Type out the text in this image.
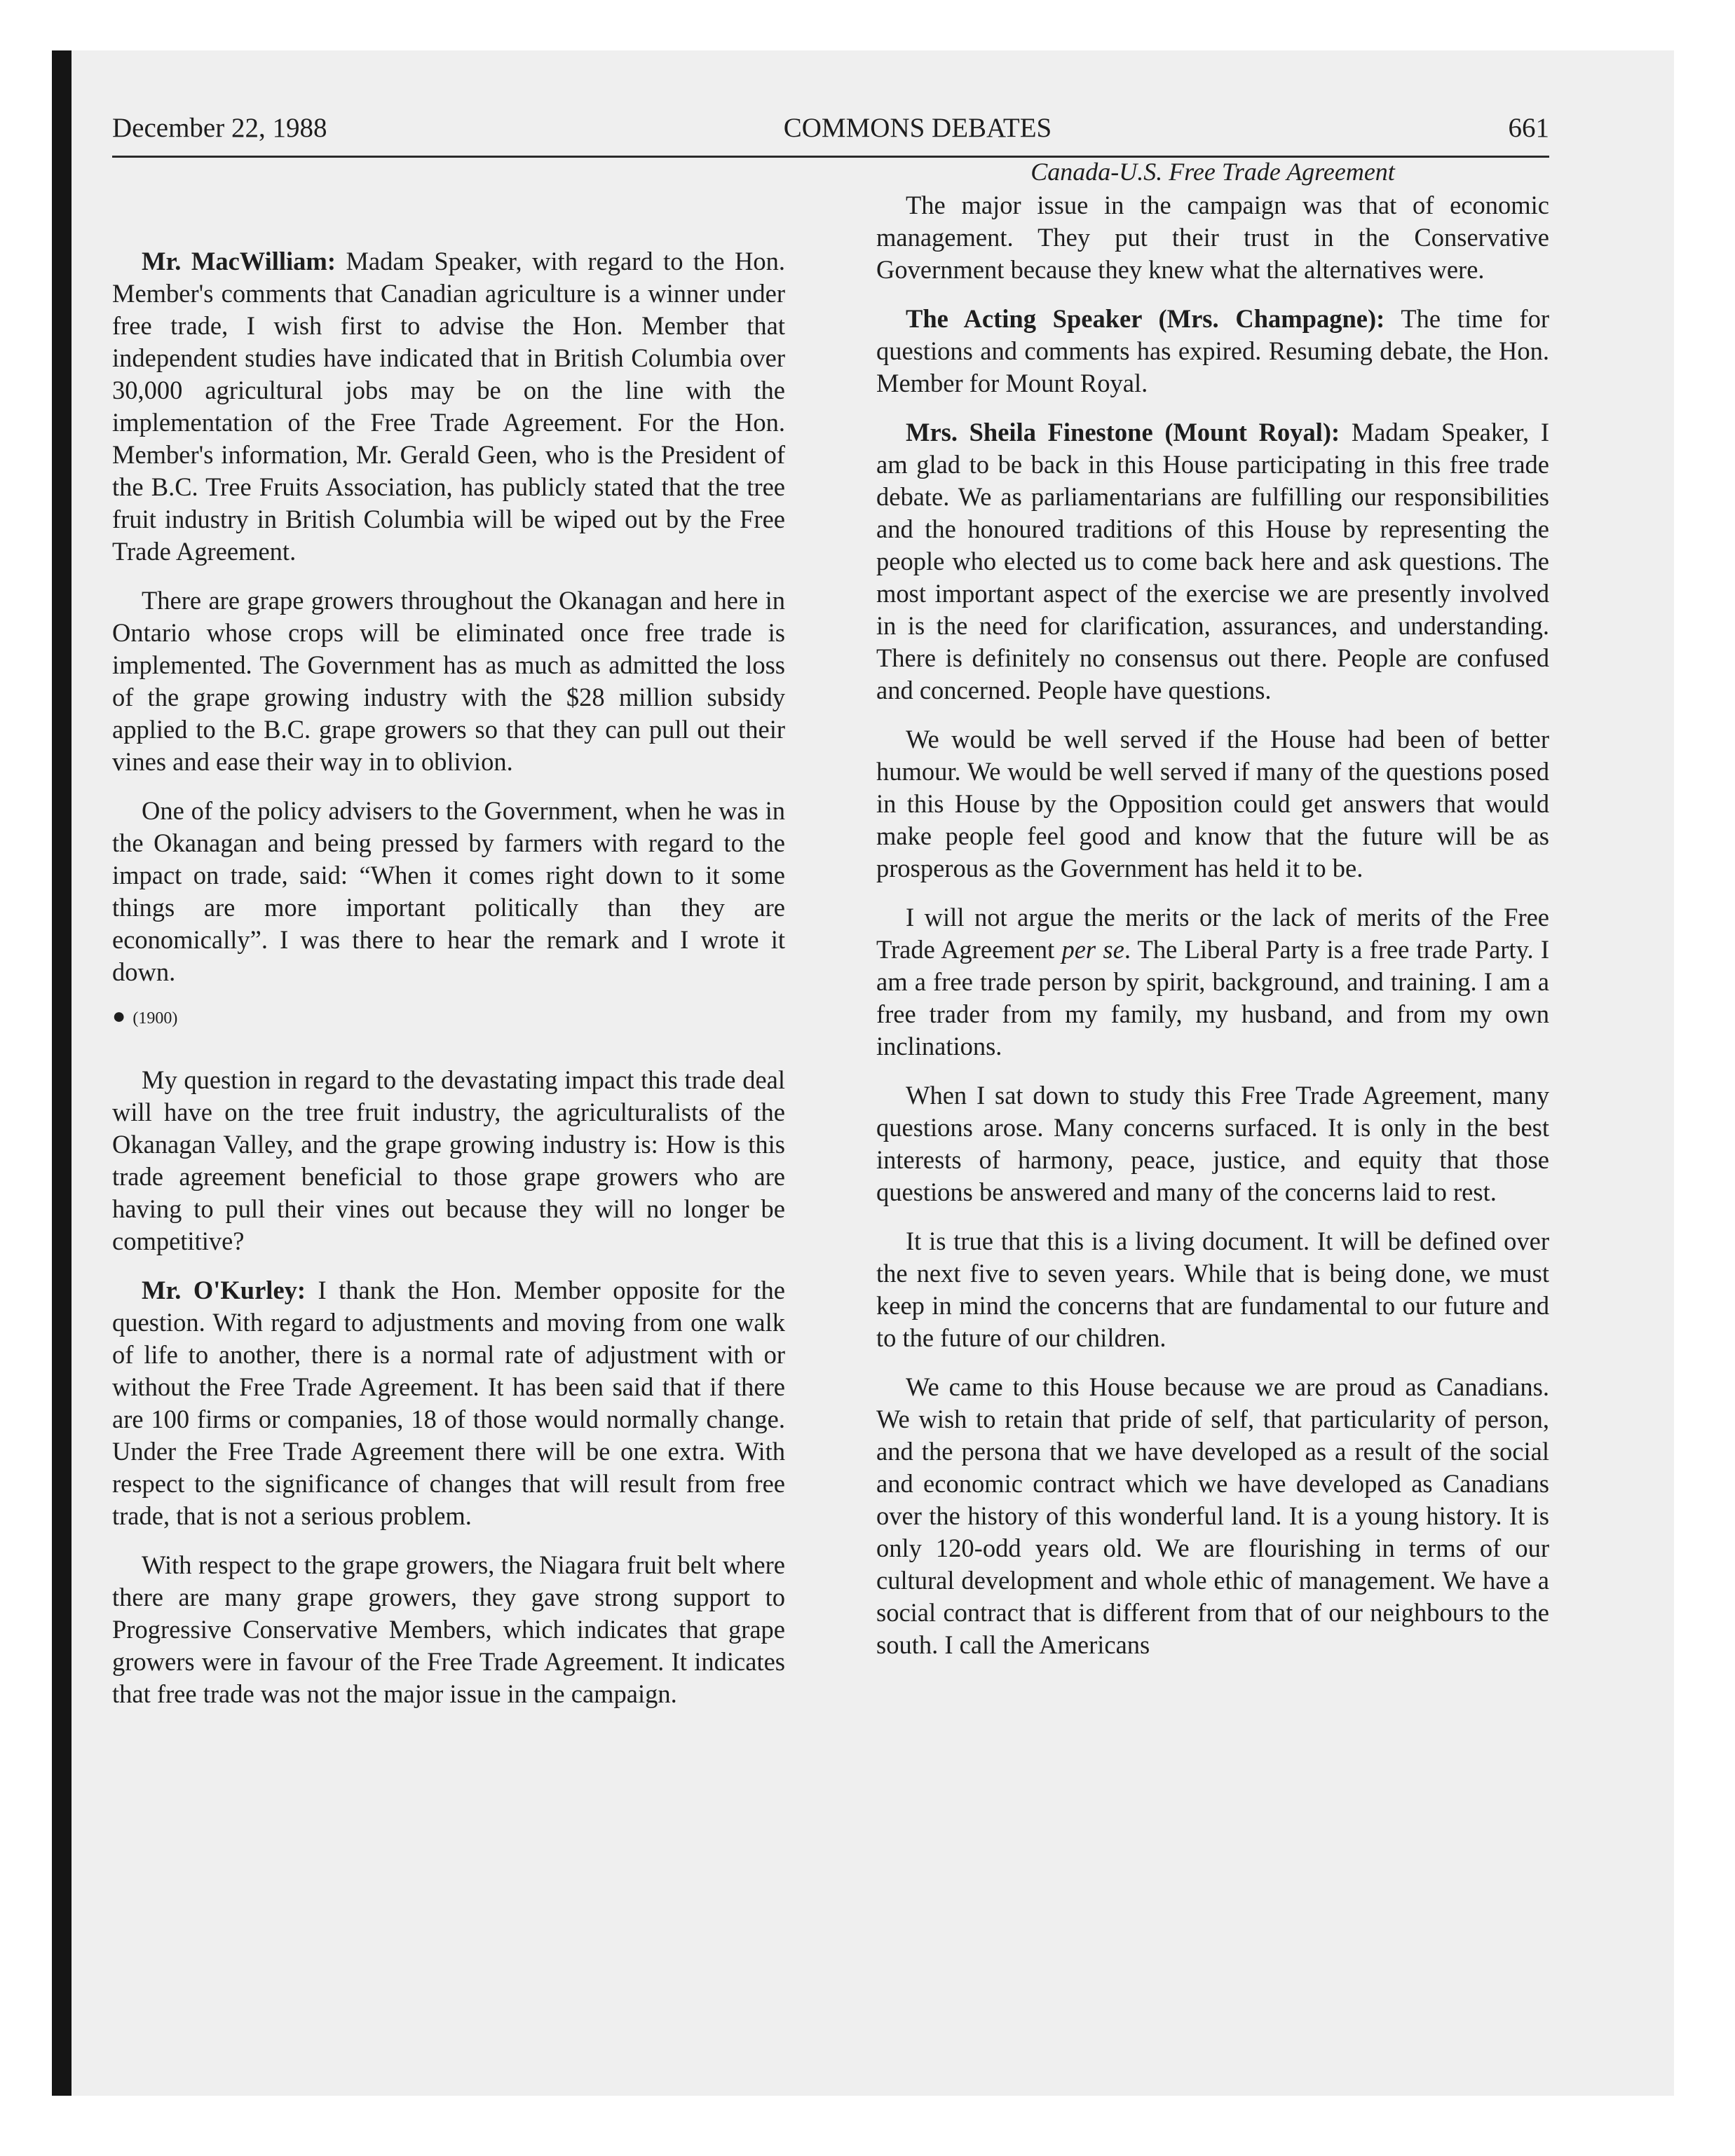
December 22, 1988	COMMONS DEBATES	661
Canada-U.S. Free Trade Agreement

Mr. MacWilliam: Madam Speaker, with regard to the Hon. Member's comments that Canadian agriculture is a winner under free trade, I wish first to advise the Hon. Member that independent studies have indicated that in British Columbia over 30,000 agricultural jobs may be on the line with the implementation of the Free Trade Agreement. For the Hon. Member's information, Mr. Gerald Geen, who is the President of the B.C. Tree Fruits Association, has publicly stated that the tree fruit industry in British Columbia will be wiped out by the Free Trade Agreement.

There are grape growers throughout the Okanagan and here in Ontario whose crops will be eliminated once free trade is implemented. The Government has as much as admitted the loss of the grape growing industry with the $28 million subsidy applied to the B.C. grape growers so that they can pull out their vines and ease their way in to oblivion.

One of the policy advisers to the Government, when he was in the Okanagan and being pressed by farmers with regard to the impact on trade, said: “When it comes right down to it some things are more important politically than they are economically”. I was there to hear the remark and I wrote it down.

● (1900)

My question in regard to the devastating impact this trade deal will have on the tree fruit industry, the agriculturalists of the Okanagan Valley, and the grape growing industry is: How is this trade agreement beneficial to those grape growers who are having to pull their vines out because they will no longer be competitive?

Mr. O'Kurley: I thank the Hon. Member opposite for the question. With regard to adjustments and moving from one walk of life to another, there is a normal rate of adjustment with or without the Free Trade Agreement. It has been said that if there are 100 firms or companies, 18 of those would normally change. Under the Free Trade Agreement there will be one extra. With respect to the significance of changes that will result from free trade, that is not a serious problem.

With respect to the grape growers, the Niagara fruit belt where there are many grape growers, they gave strong support to Progressive Conservative Members, which indicates that grape growers were in favour of the Free Trade Agreement. It indicates that free trade was not the major issue in the campaign.

The major issue in the campaign was that of economic management. They put their trust in the Conservative Government because they knew what the alternatives were.

The Acting Speaker (Mrs. Champagne): The time for questions and comments has expired. Resuming debate, the Hon. Member for Mount Royal.

Mrs. Sheila Finestone (Mount Royal): Madam Speaker, I am glad to be back in this House participating in this free trade debate. We as parliamentarians are fulfilling our responsibilities and the honoured traditions of this House by representing the people who elected us to come back here and ask questions. The most important aspect of the exercise we are presently involved in is the need for clarification, assurances, and understanding. There is definitely no consensus out there. People are confused and concerned. People have questions.

We would be well served if the House had been of better humour. We would be well served if many of the questions posed in this House by the Opposition could get answers that would make people feel good and know that the future will be as prosperous as the Government has held it to be.

I will not argue the merits or the lack of merits of the Free Trade Agreement per se. The Liberal Party is a free trade Party. I am a free trade person by spirit, background, and training. I am a free trader from my family, my husband, and from my own inclinations.

When I sat down to study this Free Trade Agreement, many questions arose. Many concerns surfaced. It is only in the best interests of harmony, peace, justice, and equity that those questions be answered and many of the concerns laid to rest.

It is true that this is a living document. It will be defined over the next five to seven years. While that is being done, we must keep in mind the concerns that are fundamental to our future and to the future of our children.

We came to this House because we are proud as Canadians. We wish to retain that pride of self, that particularity of person, and the persona that we have developed as a result of the social and economic contract which we have developed as Canadians over the history of this wonderful land. It is a young history. It is only 120-odd years old. We are flourishing in terms of our cultural development and whole ethic of management. We have a social contract that is different from that of our neighbours to the south. I call the Americans
